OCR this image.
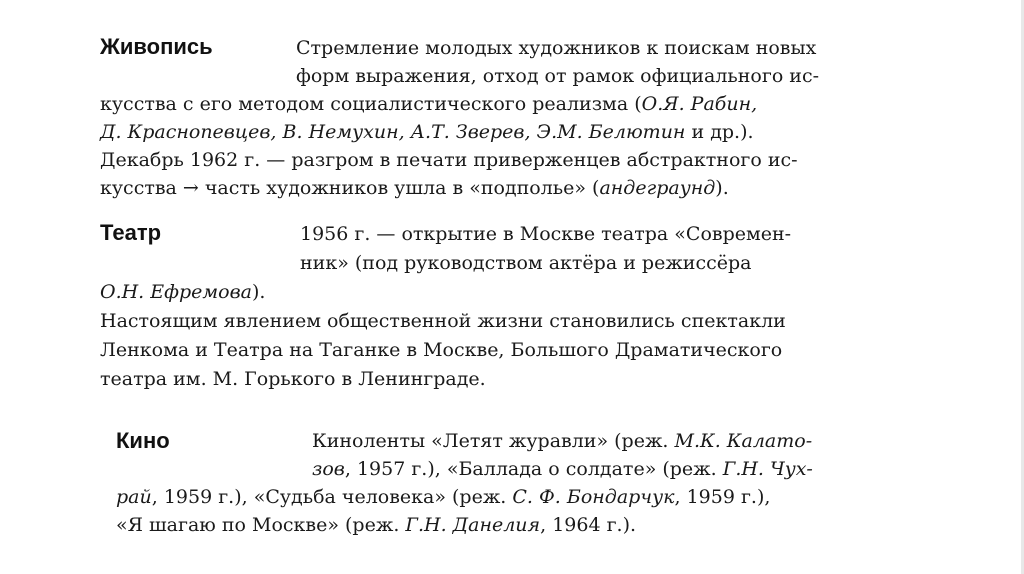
Живопись	Стремление молодых художников к поискам новых
форм выражения, отход от рамок официального ис-
кусства с его методом социалистического реализма (О.Я. Рабин,
Д. Краснопевцев, В. Немухин, А.Т. Зверев, Э.М. Белютин и др.).
Декабрь 1962 г. — разгром в печати приверженцев абстрактного ис-
кусства → часть художников ушла в «подполье» (андеграунд).
Театр	1956 г. — открытие в Москве театра «Современ-
ник» (под руководством актёра и режиссёра
О.Н. Ефремова).
Настоящим явлением общественной жизни становились спектакли
Ленкома и Театра на Таганке в Москве, Большого Драматического
театра им. М. Горького в Ленинграде.
Кино	Киноленты «Летят журавли» (реж. М.К. Калато-
зов, 1957 г.), «Баллада о солдате» (реж. Г.Н. Чух-
рай, 1959 г.), «Судьба человека» (реж. С. Ф. Бондарчук, 1959 г.),
«Я шагаю по Москве» (реж. Г.Н. Данелия, 1964 г.).
